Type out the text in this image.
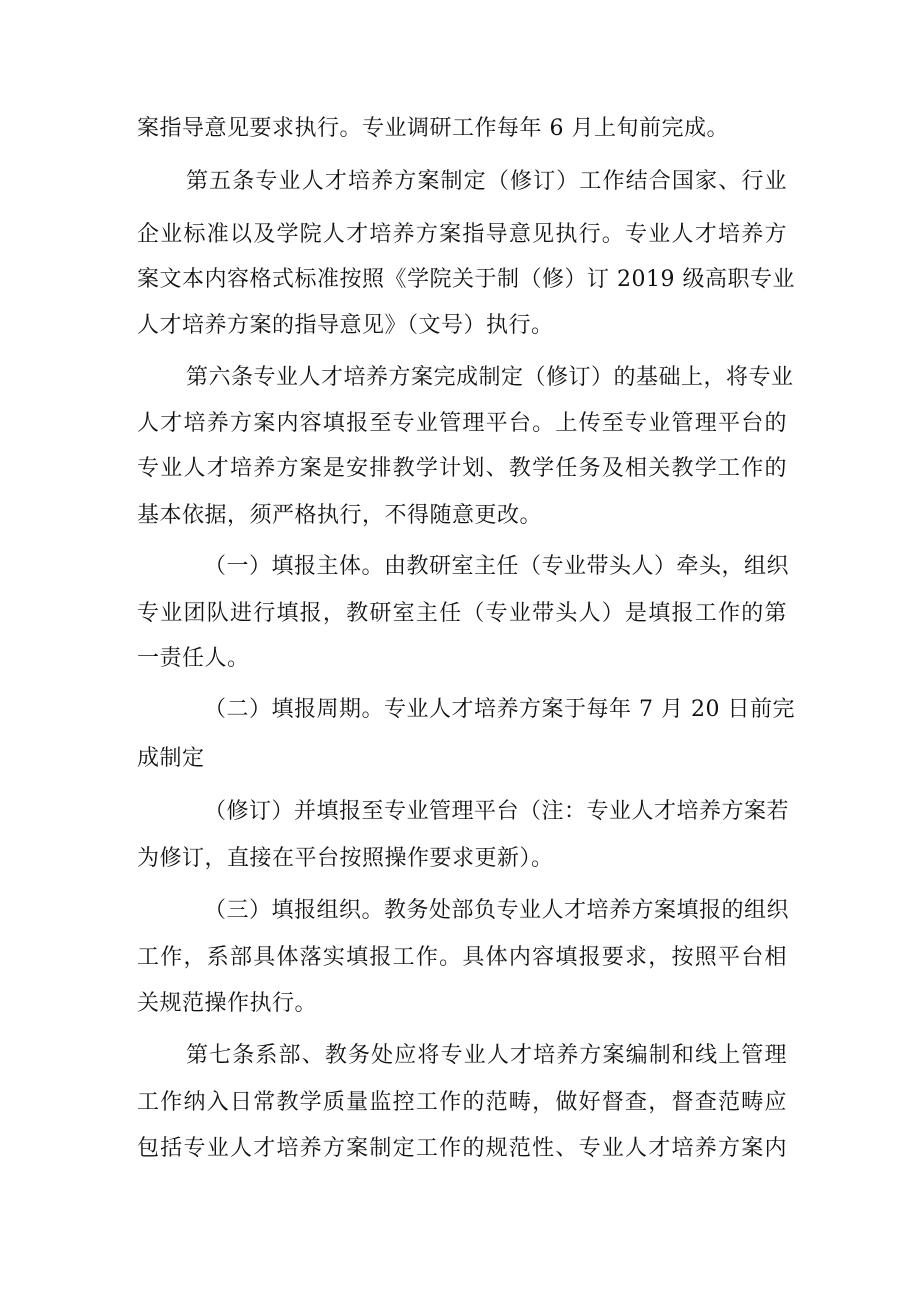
案指导意见要求执行。专业调研工作每年 6 月上旬前完成。

第五条专业人才培养方案制定（修订）工作结合国家、行业

企业标准以及学院人才培养方案指导意见执行。专业人才培养方

案文本内容格式标准按照《学院关于制（修）订 2019 级高职专业

人才培养方案的指导意见》（文号）执行。

第六条专业人才培养方案完成制定（修订）的基础上，将专业

人才培养方案内容填报至专业管理平台。上传至专业管理平台的

专业人才培养方案是安排教学计划、教学任务及相关教学工作的

基本依据，须严格执行，不得随意更改。

（一）填报主体。由教研室主任（专业带头人）牵头，组织

专业团队进行填报，教研室主任（专业带头人）是填报工作的第

一责任人。

（二）填报周期。专业人才培养方案于每年 7 月 20 日前完

成制定

（修订）并填报至专业管理平台（注：专业人才培养方案若

为修订，直接在平台按照操作要求更新）。

（三）填报组织。教务处部负专业人才培养方案填报的组织

工作，系部具体落实填报工作。具体内容填报要求，按照平台相

关规范操作执行。

第七条系部、教务处应将专业人才培养方案编制和线上管理

工作纳入日常教学质量监控工作的范畴，做好督查，督查范畴应

包括专业人才培养方案制定工作的规范性、专业人才培养方案内
